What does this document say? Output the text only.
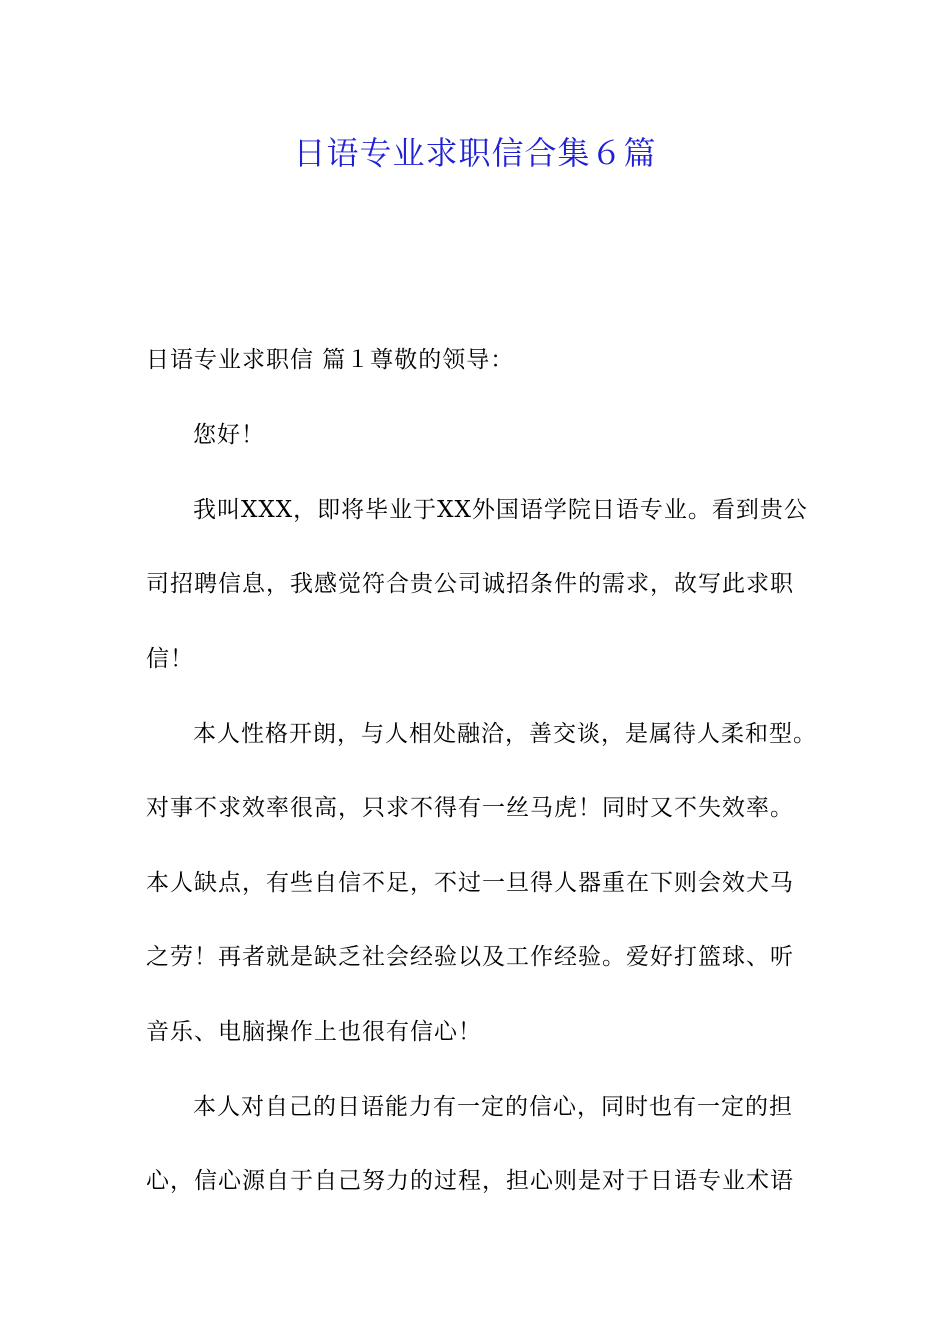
日语专业求职信合集６篇
日语专业求职信 篇１尊敬的领导：
您好！
我叫XXX，即将毕业于XX外国语学院日语专业。看到贵公
司招聘信息，我感觉符合贵公司诚招条件的需求，故写此求职
信！
本人性格开朗，与人相处融洽，善交谈，是属待人柔和型。
对事不求效率很高，只求不得有一丝马虎！同时又不失效率。
本人缺点，有些自信不足，不过一旦得人器重在下则会效犬马
之劳！再者就是缺乏社会经验以及工作经验。爱好打篮球、听
音乐、电脑操作上也很有信心！
本人对自己的日语能力有一定的信心，同时也有一定的担
心，信心源自于自己努力的过程，担心则是对于日语专业术语
